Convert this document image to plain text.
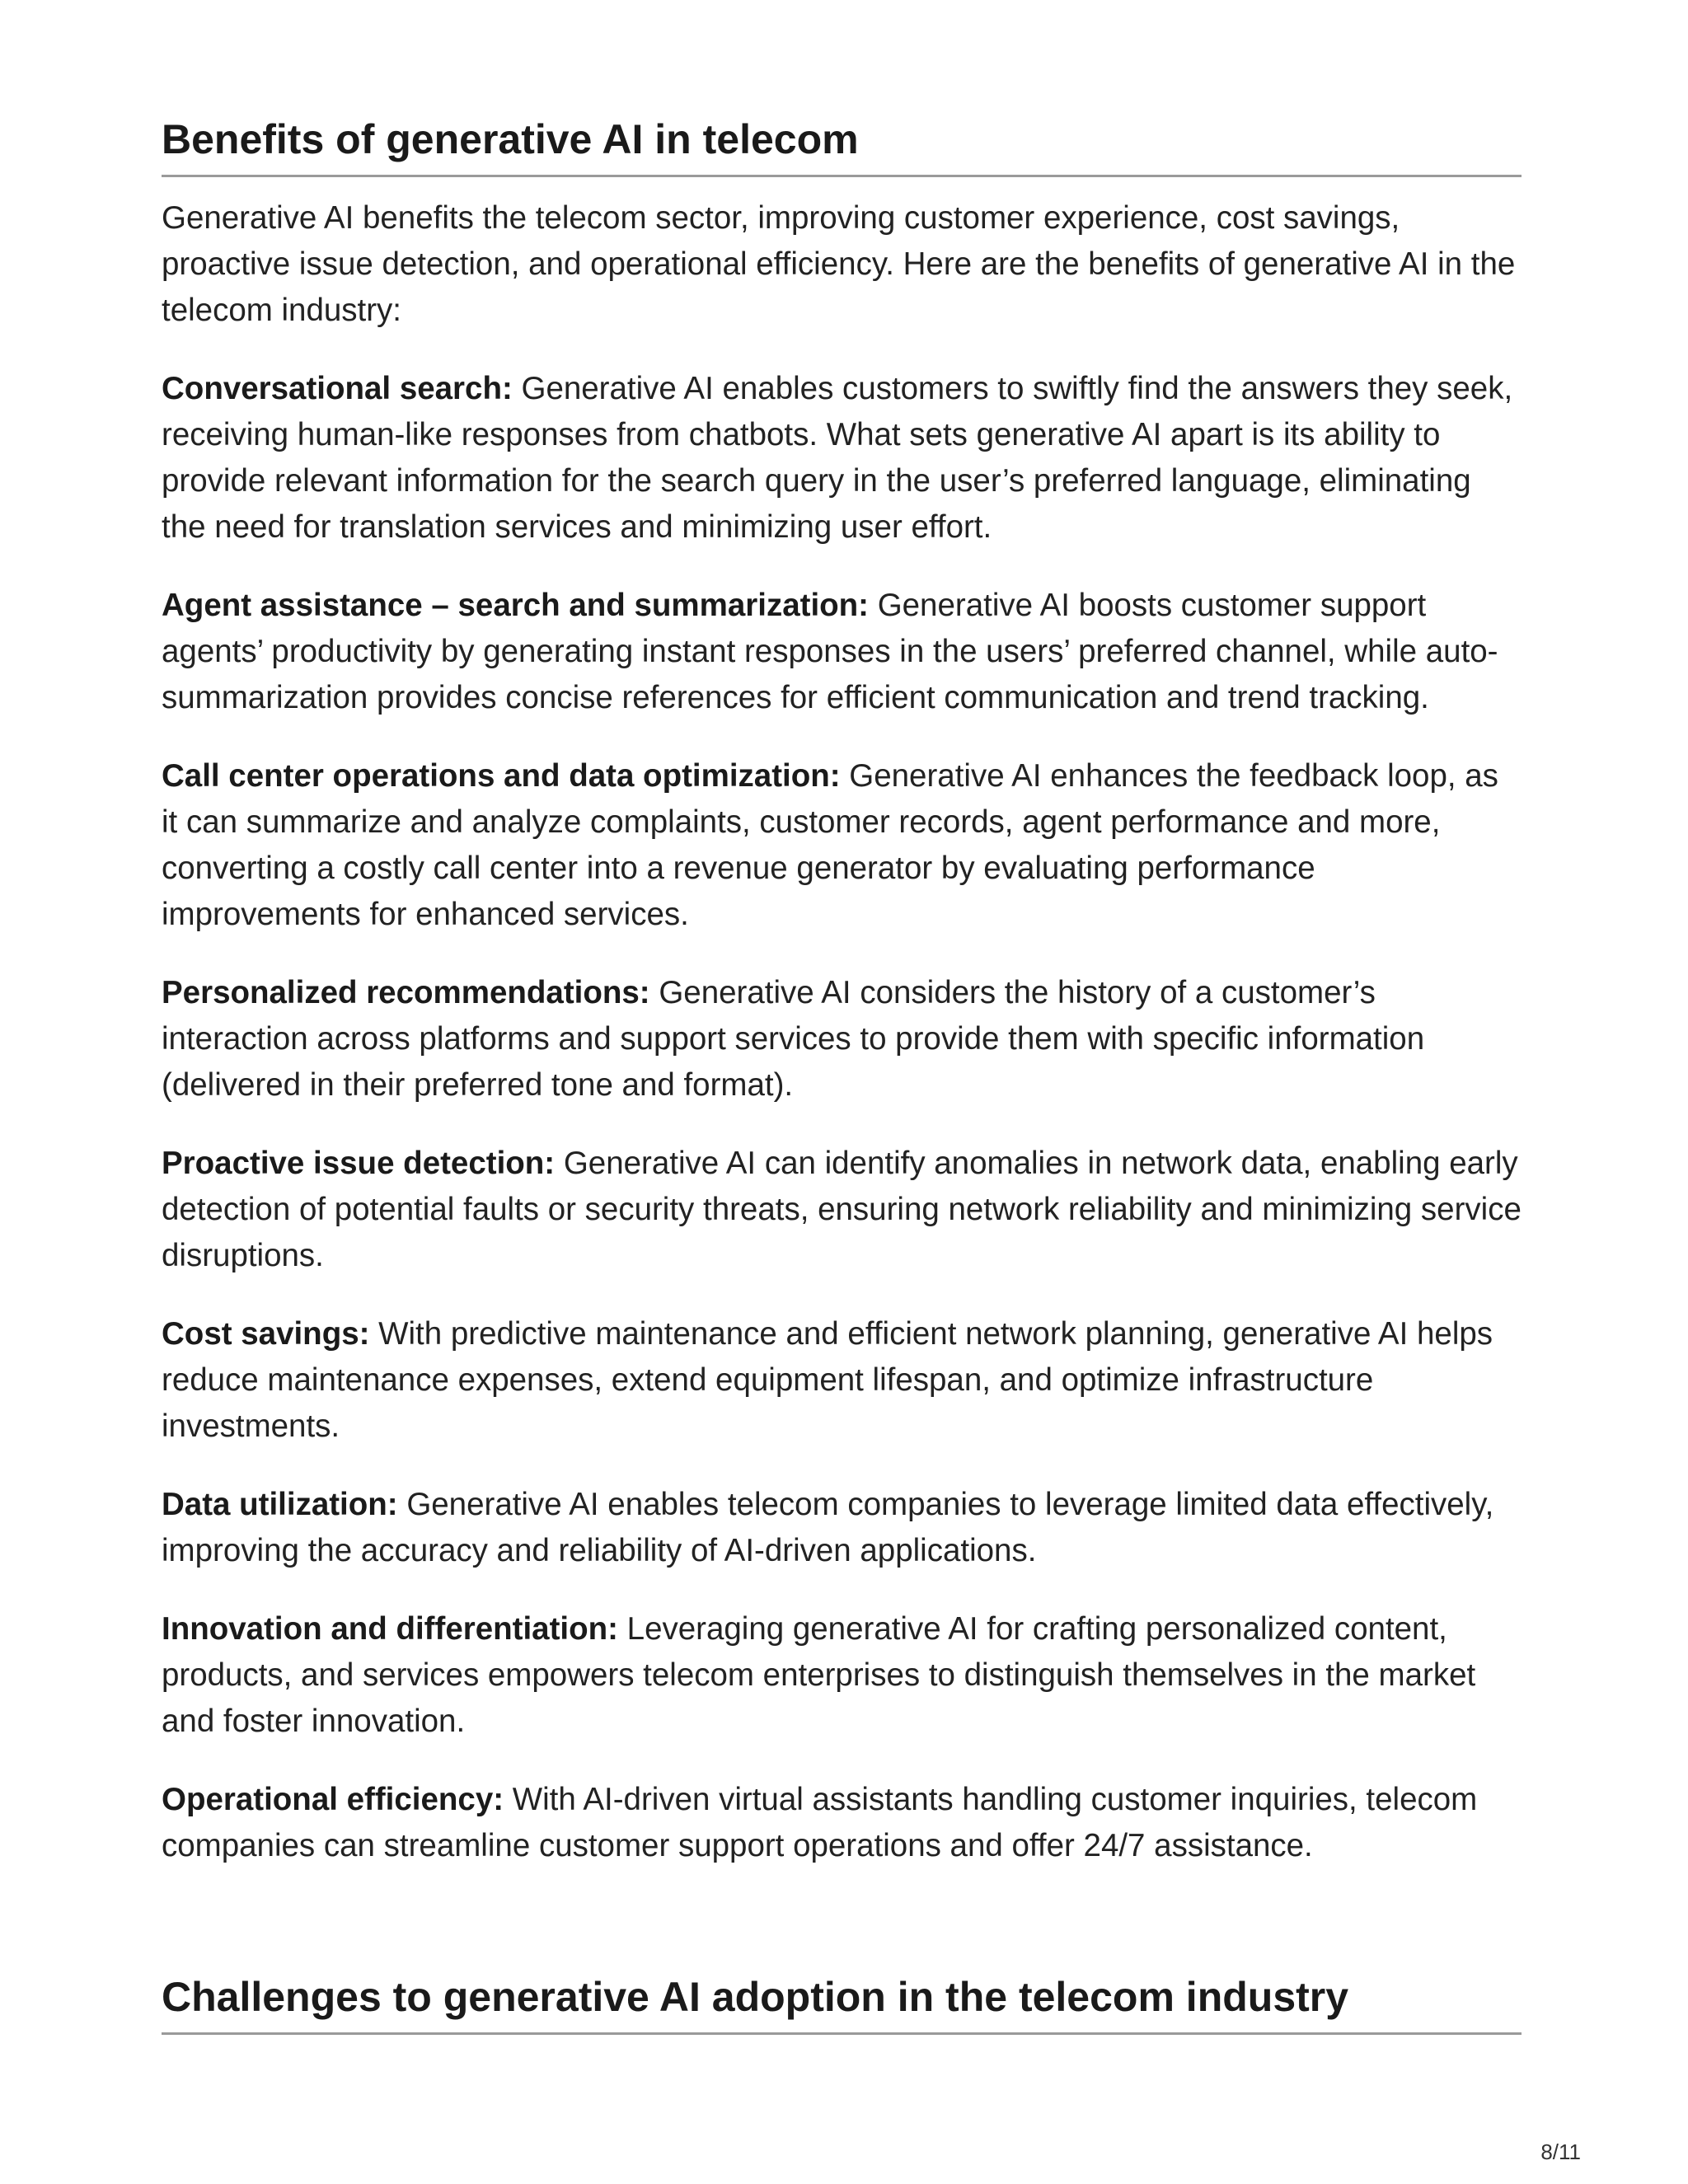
Benefits of generative AI in telecom

Generative AI benefits the telecom sector, improving customer experience, cost savings, proactive issue detection, and operational efficiency. Here are the benefits of generative AI in the telecom industry:

Conversational search: Generative AI enables customers to swiftly find the answers they seek, receiving human-like responses from chatbots. What sets generative AI apart is its ability to provide relevant information for the search query in the user’s preferred language, eliminating the need for translation services and minimizing user effort.

Agent assistance – search and summarization: Generative AI boosts customer support agents’ productivity by generating instant responses in the users’ preferred channel, while auto-summarization provides concise references for efficient communication and trend tracking.

Call center operations and data optimization: Generative AI enhances the feedback loop, as it can summarize and analyze complaints, customer records, agent performance and more, converting a costly call center into a revenue generator by evaluating performance improvements for enhanced services.

Personalized recommendations: Generative AI considers the history of a customer’s interaction across platforms and support services to provide them with specific information (delivered in their preferred tone and format).

Proactive issue detection: Generative AI can identify anomalies in network data, enabling early detection of potential faults or security threats, ensuring network reliability and minimizing service disruptions.

Cost savings: With predictive maintenance and efficient network planning, generative AI helps reduce maintenance expenses, extend equipment lifespan, and optimize infrastructure investments.

Data utilization: Generative AI enables telecom companies to leverage limited data effectively, improving the accuracy and reliability of AI-driven applications.

Innovation and differentiation: Leveraging generative AI for crafting personalized content, products, and services empowers telecom enterprises to distinguish themselves in the market and foster innovation.

Operational efficiency: With AI-driven virtual assistants handling customer inquiries, telecom companies can streamline customer support operations and offer 24/7 assistance.

Challenges to generative AI adoption in the telecom industry
8/11
